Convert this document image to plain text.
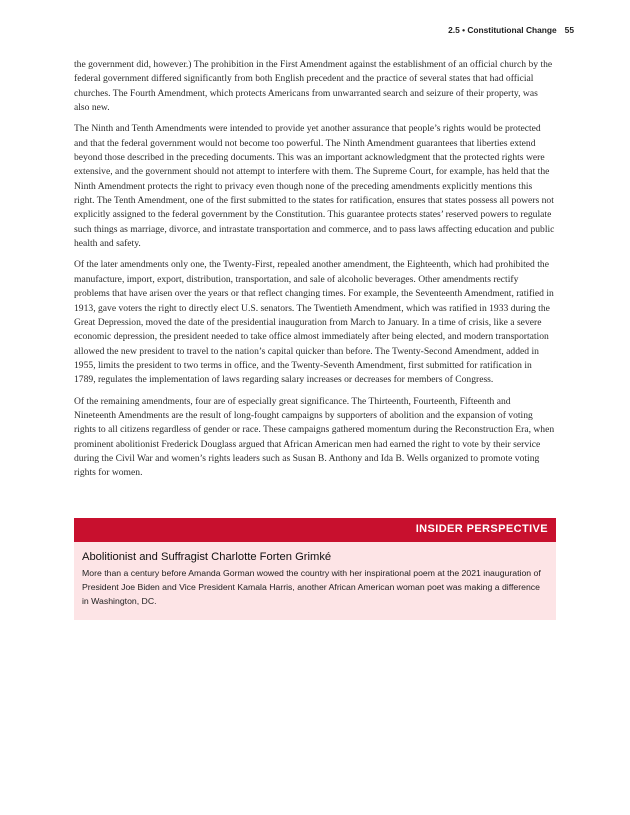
2.5 • Constitutional Change 55

the government did, however.) The prohibition in the First Amendment against the establishment of an official church by the federal government differed significantly from both English precedent and the practice of several states that had official churches. The Fourth Amendment, which protects Americans from unwarranted search and seizure of their property, was also new.

The Ninth and Tenth Amendments were intended to provide yet another assurance that people’s rights would be protected and that the federal government would not become too powerful. The Ninth Amendment guarantees that liberties extend beyond those described in the preceding documents. This was an important acknowledgment that the protected rights were extensive, and the government should not attempt to interfere with them. The Supreme Court, for example, has held that the Ninth Amendment protects the right to privacy even though none of the preceding amendments explicitly mentions this right. The Tenth Amendment, one of the first submitted to the states for ratification, ensures that states possess all powers not explicitly assigned to the federal government by the Constitution. This guarantee protects states’ reserved powers to regulate such things as marriage, divorce, and intrastate transportation and commerce, and to pass laws affecting education and public health and safety.

Of the later amendments only one, the Twenty-First, repealed another amendment, the Eighteenth, which had prohibited the manufacture, import, export, distribution, transportation, and sale of alcoholic beverages. Other amendments rectify problems that have arisen over the years or that reflect changing times. For example, the Seventeenth Amendment, ratified in 1913, gave voters the right to directly elect U.S. senators. The Twentieth Amendment, which was ratified in 1933 during the Great Depression, moved the date of the presidential inauguration from March to January. In a time of crisis, like a severe economic depression, the president needed to take office almost immediately after being elected, and modern transportation allowed the new president to travel to the nation’s capital quicker than before. The Twenty-Second Amendment, added in 1955, limits the president to two terms in office, and the Twenty-Seventh Amendment, first submitted for ratification in 1789, regulates the implementation of laws regarding salary increases or decreases for members of Congress.

Of the remaining amendments, four are of especially great significance. The Thirteenth, Fourteenth, Fifteenth and Nineteenth Amendments are the result of long-fought campaigns by supporters of abolition and the expansion of voting rights to all citizens regardless of gender or race. These campaigns gathered momentum during the Reconstruction Era, when prominent abolitionist Frederick Douglass argued that African American men had earned the right to vote by their service during the Civil War and women’s rights leaders such as Susan B. Anthony and Ida B. Wells organized to promote voting rights for women.

INSIDER PERSPECTIVE
Abolitionist and Suffragist Charlotte Forten Grimké
More than a century before Amanda Gorman wowed the country with her inspirational poem at the 2021 inauguration of President Joe Biden and Vice President Kamala Harris, another African American woman poet was making a difference in Washington, DC.
